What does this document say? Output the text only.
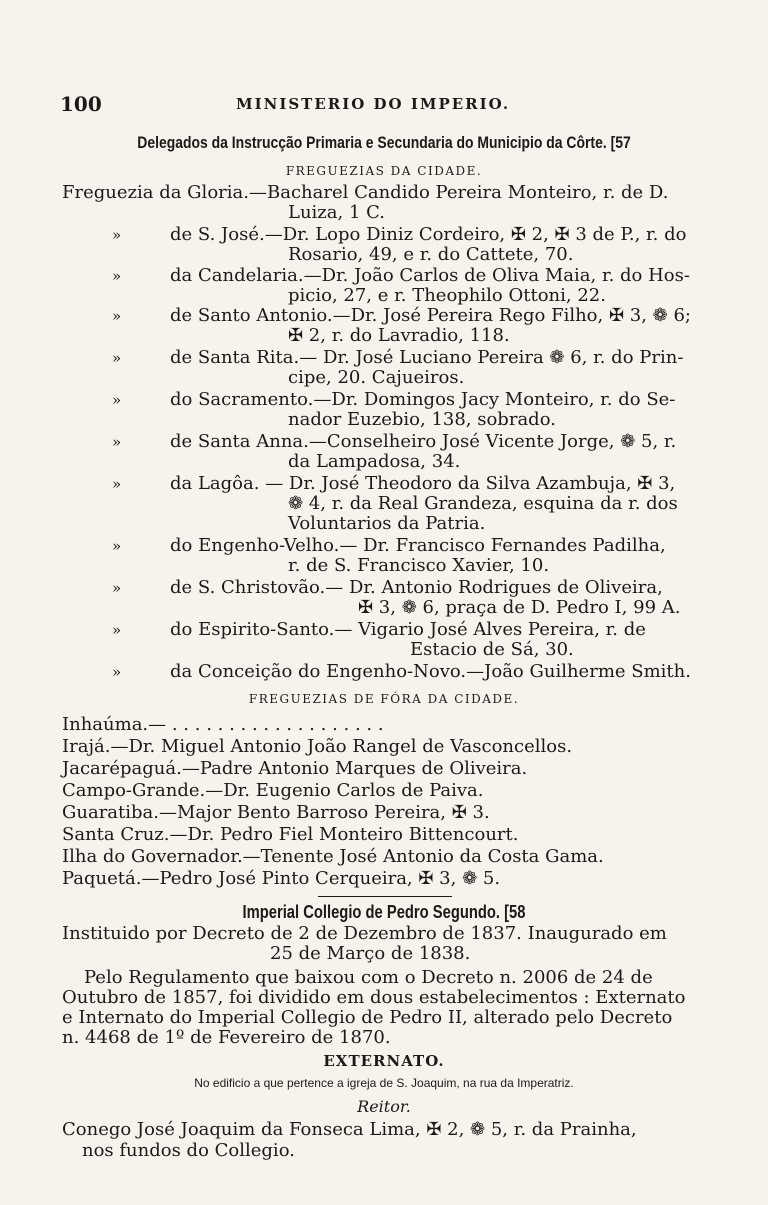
100	MINISTERIO DO IMPERIO.
Delegados da Instrucção Primaria e Secundaria do Municipio da Côrte. [57
FREGUEZIAS DA CIDADE.
Freguezia da Gloria.—Bacharel Candido Pereira Monteiro, r. de D.
Luiza, 1 C.
»	de S. José.—Dr. Lopo Diniz Cordeiro, ✠ 2, ✠ 3 de P., r. do
Rosario, 49, e r. do Cattete, 70.
»	da Candelaria.—Dr. João Carlos de Oliva Maia, r. do Hos-
picio, 27, e r. Theophilo Ottoni, 22.
»	de Santo Antonio.—Dr. José Pereira Rego Filho, ✠ 3, ❁ 6;
✠ 2, r. do Lavradio, 118.
»	de Santa Rita.— Dr. José Luciano Pereira ❁ 6, r. do Prin-
cipe, 20. Cajueiros.
»	do Sacramento.—Dr. Domingos Jacy Monteiro, r. do Se-
nador Euzebio, 138, sobrado.
»	de Santa Anna.—Conselheiro José Vicente Jorge, ❁ 5, r.
da Lampadosa, 34.
»	da Lagôa. — Dr. José Theodoro da Silva Azambuja, ✠ 3,
❁ 4, r. da Real Grandeza, esquina da r. dos
Voluntarios da Patria.
»	do Engenho-Velho.— Dr. Francisco Fernandes Padilha,
r. de S. Francisco Xavier, 10.
»	de S. Christovão.— Dr. Antonio Rodrigues de Oliveira,
✠ 3, ❁ 6, praça de D. Pedro I, 99 A.
»	do Espirito-Santo.— Vigario José Alves Pereira, r. de
Estacio de Sá, 30.
»	da Conceição do Engenho-Novo.—João Guilherme Smith.
FREGUEZIAS DE FÓRA DA CIDADE.
Inhaúma.— . . . . . . . . . . . . . . . . . . .
Irajá.—Dr. Miguel Antonio João Rangel de Vasconcellos.
Jacarépaguá.—Padre Antonio Marques de Oliveira.
Campo-Grande.—Dr. Eugenio Carlos de Paiva.
Guaratiba.—Major Bento Barroso Pereira, ✠ 3.
Santa Cruz.—Dr. Pedro Fiel Monteiro Bittencourt.
Ilha do Governador.—Tenente José Antonio da Costa Gama.
Paquetá.—Pedro José Pinto Cerqueira, ✠ 3, ❁ 5.
Imperial Collegio de Pedro Segundo. [58
Instituido por Decreto de 2 de Dezembro de 1837. Inaugurado em
25 de Março de 1838.
Pelo Regulamento que baixou com o Decreto n. 2006 de 24 de
Outubro de 1857, foi dividido em dous estabelecimentos : Externato
e Internato do Imperial Collegio de Pedro II, alterado pelo Decreto
n. 4468 de 1º de Fevereiro de 1870.
EXTERNATO.
No edificio a que pertence a igreja de S. Joaquim, na rua da Imperatriz.
Reitor.
Conego José Joaquim da Fonseca Lima, ✠ 2, ❁ 5, r. da Prainha,
nos fundos do Collegio.
